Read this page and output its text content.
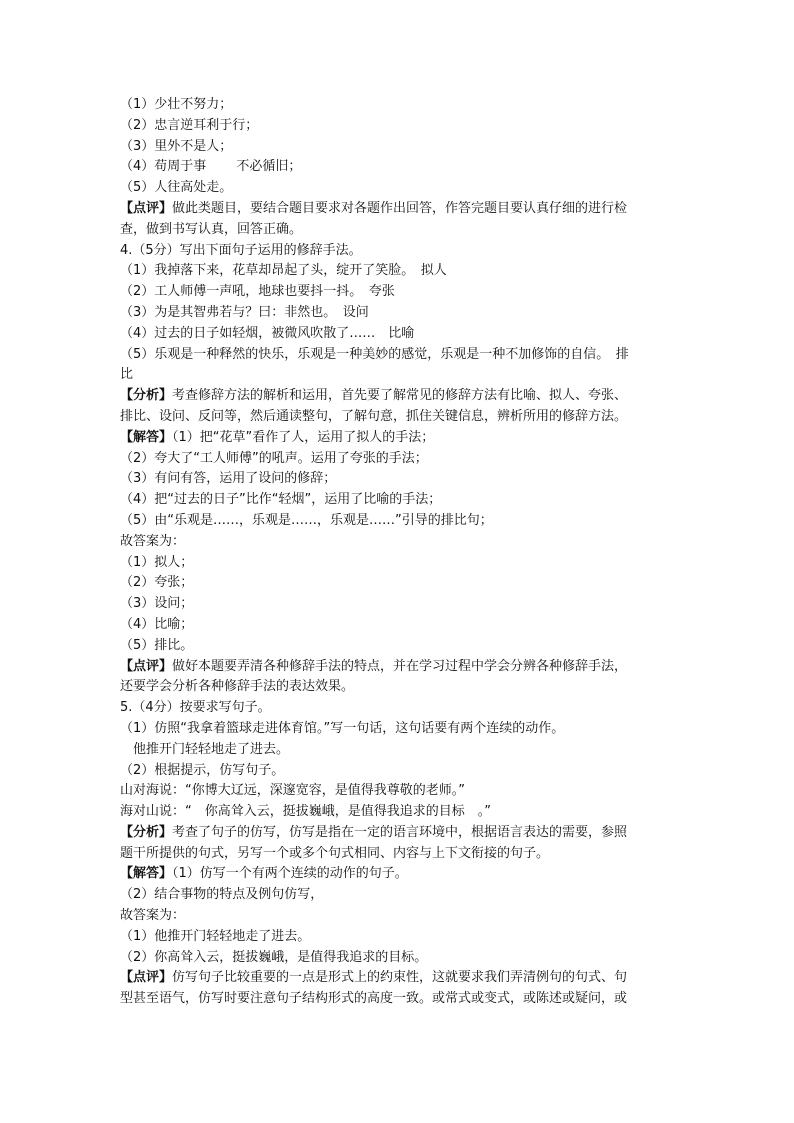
（1）少壮不努力；
（2）忠言逆耳利于行；
（3）里外不是人；
（4）苟周于事　　 不必循旧；
（5）人往高处走。
【点评】做此类题目，要结合题目要求对各题作出回答，作答完题目要认真仔细的进行检
查，做到书写认真，回答正确。
4.（5分）写出下面句子运用的修辞手法。
（1）我掉落下来，花草却昂起了头，绽开了笑脸。　拟人
（2）工人师傅一声吼，地球也要抖一抖。　夸张
（3）为是其智弗若与？曰：非然也。　设问
（4）过去的日子如轻烟，被微风吹散了……　比喻
（5）乐观是一种释然的快乐，乐观是一种美妙的感觉，乐观是一种不加修饰的自信。　排
比
【分析】考查修辞方法的解析和运用，首先要了解常见的修辞方法有比喻、拟人、夸张、
排比、设问、反问等，然后通读整句，了解句意，抓住关键信息，辨析所用的修辞方法。
【解答】（1）把“花草”看作了人，运用了拟人的手法；
（2）夸大了“工人师傅”的吼声。运用了夸张的手法；
（3）有问有答，运用了设问的修辞；
（4）把“过去的日子”比作“轻烟”，运用了比喻的手法；
（5）由“乐观是……，乐观是……，乐观是……”引导的排比句；
故答案为：
（1）拟人；
（2）夸张；
（3）设问；
（4）比喻；
（5）排比。
【点评】做好本题要弄清各种修辞手法的特点，并在学习过程中学会分辨各种修辞手法，
还要学会分析各种修辞手法的表达效果。
5.（4分）按要求写句子。
（1）仿照“我拿着篮球走进体育馆。”写一句话，这句话要有两个连续的动作。
　他推开门轻轻地走了进去。
（2）根据提示，仿写句子。
山对海说：“你博大辽远，深邃宽容，是值得我尊敬的老师。”
海对山说：“　你高耸入云，挺拔巍峨，是值得我追求的目标　。”
【分析】考查了句子的仿写，仿写是指在一定的语言环境中，根据语言表达的需要，参照
题干所提供的句式，另写一个或多个句式相同、内容与上下文衔接的句子。
【解答】（1）仿写一个有两个连续的动作的句子。
（2）结合事物的特点及例句仿写，
故答案为：
（1）他推开门轻轻地走了进去。
（2）你高耸入云，挺拔巍峨，是值得我追求的目标。
【点评】仿写句子比较重要的一点是形式上的约束性，这就要求我们弄清例句的句式、句
型甚至语气，仿写时要注意句子结构形式的高度一致。或常式或变式，或陈述或疑问，或
